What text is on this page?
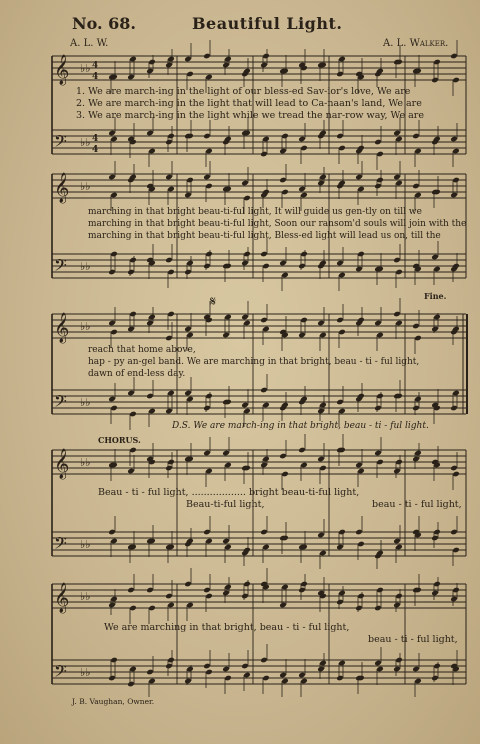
No. 68.	Beautiful Light.
A. L. W.	A. L. Walker.
𝄞
𝄢
♭♭
♭♭
4
4
4
4
1. We are march-ing in the light of our bless-ed Sav-ior's love, We are
2. We are march-ing in the light that will lead to Ca-naan's land, We are
3. We are march-ing in the light while we tread the nar-row way, We are
𝄞
𝄢
♭♭
♭♭
marching in that bright beau-ti-ful light, It will guide us gen-tly on till we
marching in that bright beau-ti-ful light, Soon our ransom'd souls will join with the
marching in that bright beau-ti-ful light, Bless-ed light will lead us on, till the
Fine.
𝄞
𝄢
♭♭
♭♭
𝄋
reach that home above,
hap - py an-gel band. We are marching in that bright, beau - ti - ful light,
dawn of end-less day.
D.S. We are march-ing in that bright, beau - ti - ful light.
𝄞
𝄢
♭♭
♭♭
CHORUS.
Beau - ti - ful light, .................. bright beau-ti-ful light,
Beau-ti-ful light,	beau - ti - ful light,
𝄞
𝄢
♭♭
♭♭
We are marching in that bright, beau - ti - ful light,
beau - ti - ful light,
J. B. Vaughan, Owner.
